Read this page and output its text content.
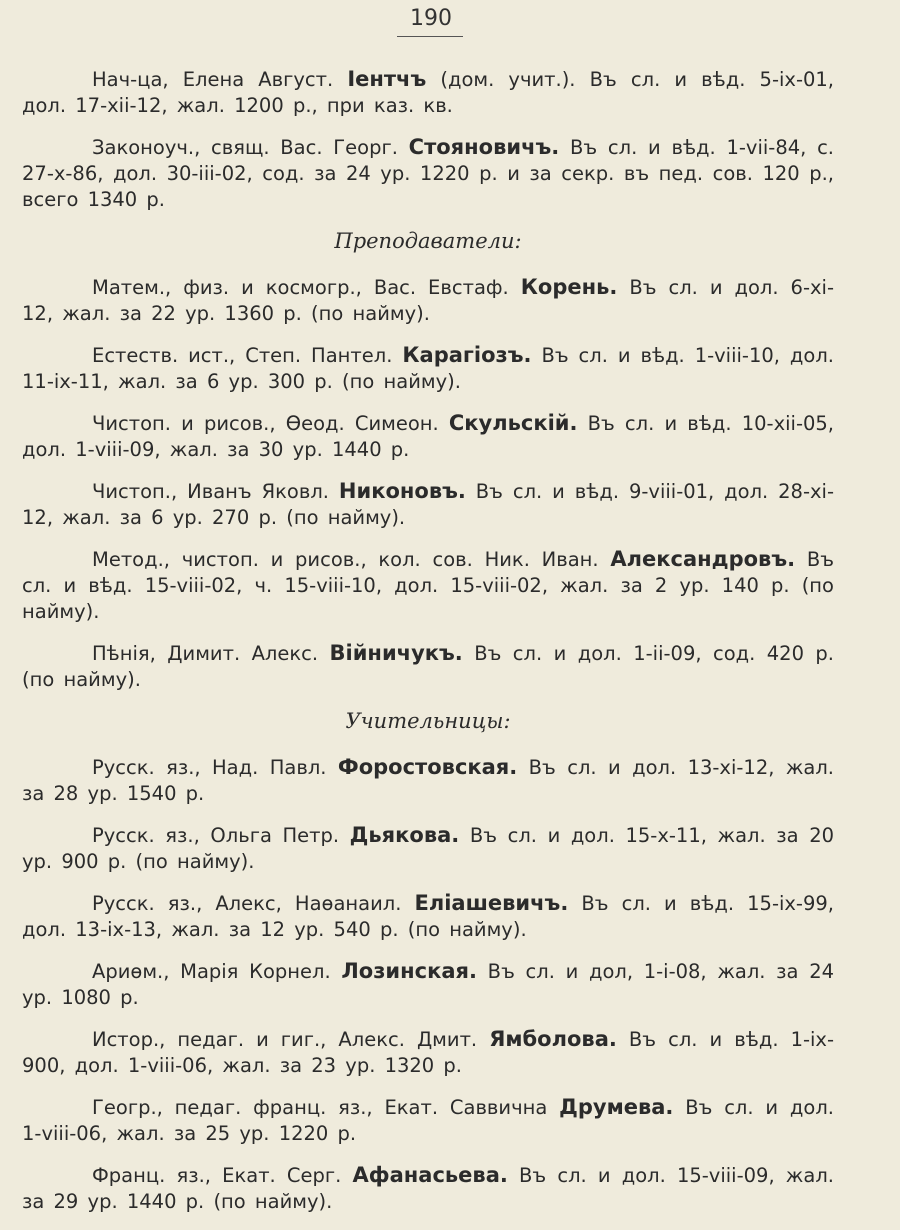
190

Нач-ца, Елена Август. Іентчъ (дом. учит.). Въ сл. и вѣд. 5-ix-01, дол. 17-xii-12, жал. 1200 р., при каз. кв.

Законоуч., свящ. Вас. Георг. Стояновичъ. Въ сл. и вѣд. 1-vii-84, с. 27-x-86, дол. 30-iii-02, сод. за 24 ур. 1220 р. и за секр. въ пед. сов. 120 р., всего 1340 р.

Преподаватели:

Матем., физ. и космогр., Вас. Евстаф. Корень. Въ сл. и дол. 6-xi-12, жал. за 22 ур. 1360 р. (по найму).

Естеств. ист., Степ. Пантел. Карагіозъ. Въ сл. и вѣд. 1-viii-10, дол. 11-ix-11, жал. за 6 ур. 300 р. (по найму).

Чистоп. и рисов., Ѳеод. Симеон. Скульскій. Въ сл. и вѣд. 10-xii-05, дол. 1-viii-09, жал. за 30 ур. 1440 р.

Чистоп., Иванъ Яковл. Никоновъ. Въ сл. и вѣд. 9-viii-01, дол. 28-xi-12, жал. за 6 ур. 270 р. (по найму).

Метод., чистоп. и рисов., кол. сов. Ник. Иван. Александровъ. Въ сл. и вѣд. 15-viii-02, ч. 15-viii-10, дол. 15-viii-02, жал. за 2 ур. 140 р. (по найму).

Пѣнія, Димит. Алекс. Війничукъ. Въ сл. и дол. 1-ii-09, сод. 420 р. (по найму).

Учительницы:

Русск. яз., Над. Павл. Форостовская. Въ сл. и дол. 13-xi-12, жал. за 28 ур. 1540 р.

Русск. яз., Ольга Петр. Дьякова. Въ сл. и дол. 15-x-11, жал. за 20 ур. 900 р. (по найму).

Русск. яз., Алекс, Наѳанаил. Еліашевичъ. Въ сл. и вѣд. 15-ix-99, дол. 13-ix-13, жал. за 12 ур. 540 р. (по найму).

Ариѳм., Марія Корнел. Лозинская. Въ сл. и дол, 1-i-08, жал. за 24 ур. 1080 р.

Истор., педаг. и гиг., Алекс. Дмит. Ямболова. Въ сл. и вѣд. 1-ix-900, дол. 1-viii-06, жал. за 23 ур. 1320 р.

Геогр., педаг. франц. яз., Екат. Саввична Друмева. Въ сл. и дол. 1-viii-06, жал. за 25 ур. 1220 р.

Франц. яз., Екат. Серг. Афанасьева. Въ сл. и дол. 15-viii-09, жал. за 29 ур. 1440 р. (по найму).
